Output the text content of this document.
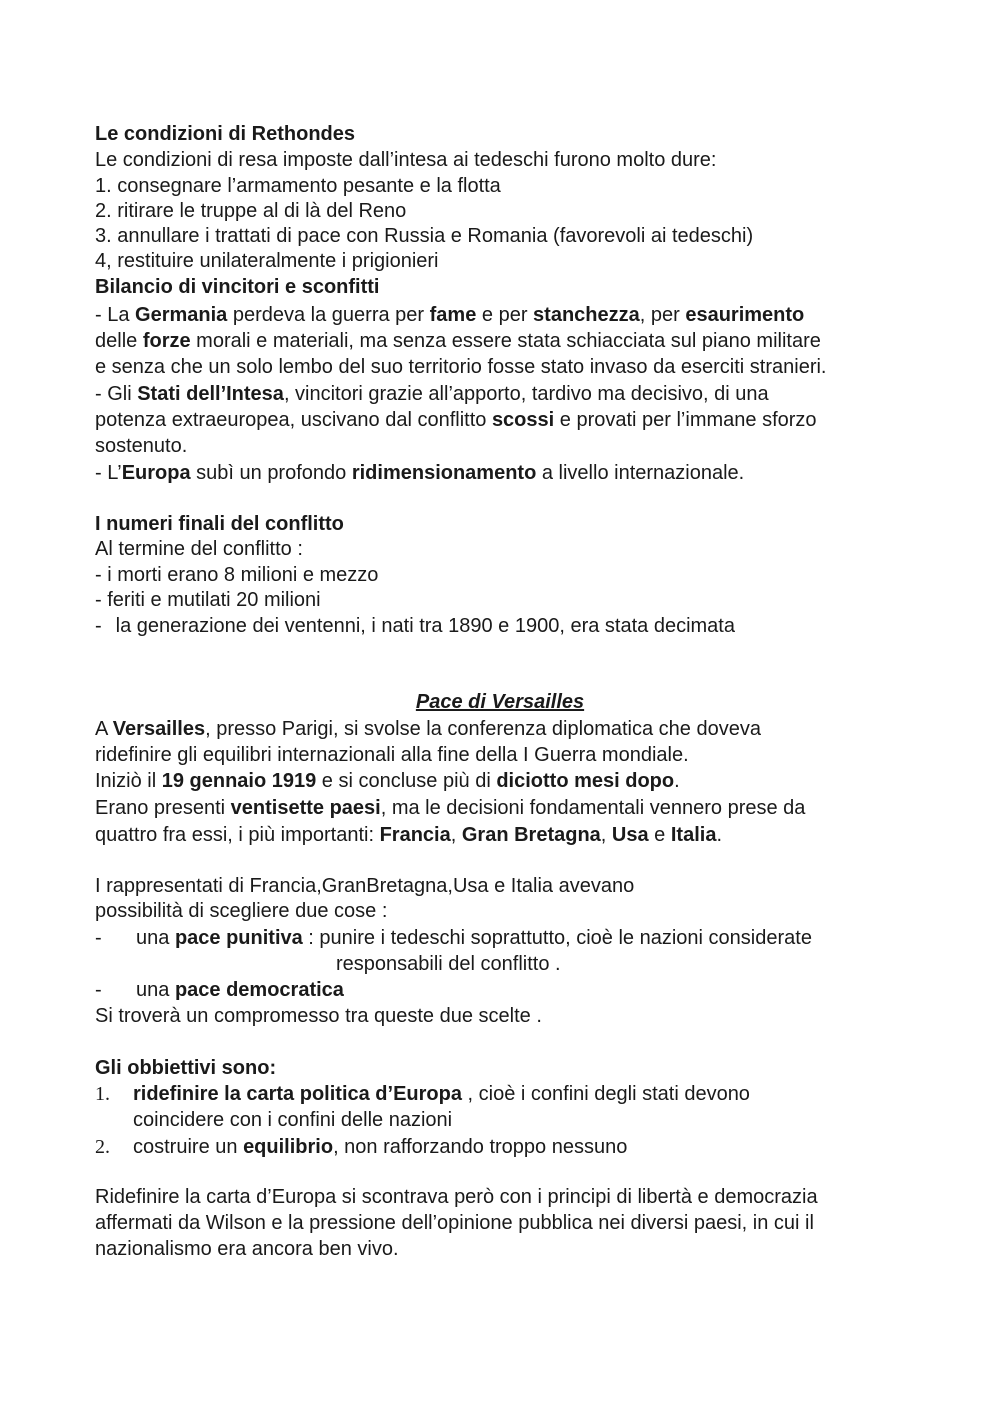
Le condizioni di Rethondes
Le condizioni di resa imposte dall’intesa ai tedeschi furono molto dure:
1. consegnare l’armamento pesante e la flotta
2. ritirare le truppe al di là del Reno
3. annullare i trattati di pace con Russia e Romania (favorevoli ai tedeschi)
4, restituire unilateralmente i prigionieri
Bilancio di vincitori e sconfitti
- La Germania perdeva la guerra per fame e per stanchezza, per esaurimento
delle forze morali e materiali, ma senza essere stata schiacciata sul piano militare
e senza che un solo lembo del suo territorio fosse stato invaso da eserciti stranieri.
- Gli Stati dell’Intesa, vincitori grazie all’apporto, tardivo ma decisivo, di una
potenza extraeuropea, uscivano dal conflitto scossi e provati per l’immane sforzo
sostenuto.
- L’Europa subì un profondo ridimensionamento a livello internazionale.
I numeri finali del conflitto
Al termine del conflitto :
- i morti erano 8 milioni e mezzo
- feriti e mutilati 20 milioni
- la generazione dei ventenni, i nati tra 1890 e 1900, era stata decimata
Pace di Versailles
A Versailles, presso Parigi, si svolse la conferenza diplomatica che doveva
ridefinire gli equilibri internazionali alla fine della I Guerra mondiale.
Iniziò il 19 gennaio 1919 e si concluse più di diciotto mesi dopo.
Erano presenti ventisette paesi, ma le decisioni fondamentali vennero prese da
quattro fra essi, i più importanti: Francia, Gran Bretagna, Usa e Italia.
I rappresentati di Francia,GranBretagna,Usa e Italia avevano
possibilità di scegliere due cose :
- una pace punitiva : punire i tedeschi soprattutto, cioè le nazioni considerate
responsabili del conflitto .
- una pace democratica
Si troverà un compromesso tra queste due scelte .
Gli obbiettivi sono:
1. ridefinire la carta politica d’Europa , cioè i confini degli stati devono
coincidere con i confini delle nazioni
2. costruire un equilibrio, non rafforzando troppo nessuno
Ridefinire la carta d’Europa si scontrava però con i principi di libertà e democrazia
affermati da Wilson e la pressione dell’opinione pubblica nei diversi paesi, in cui il
nazionalismo era ancora ben vivo.
